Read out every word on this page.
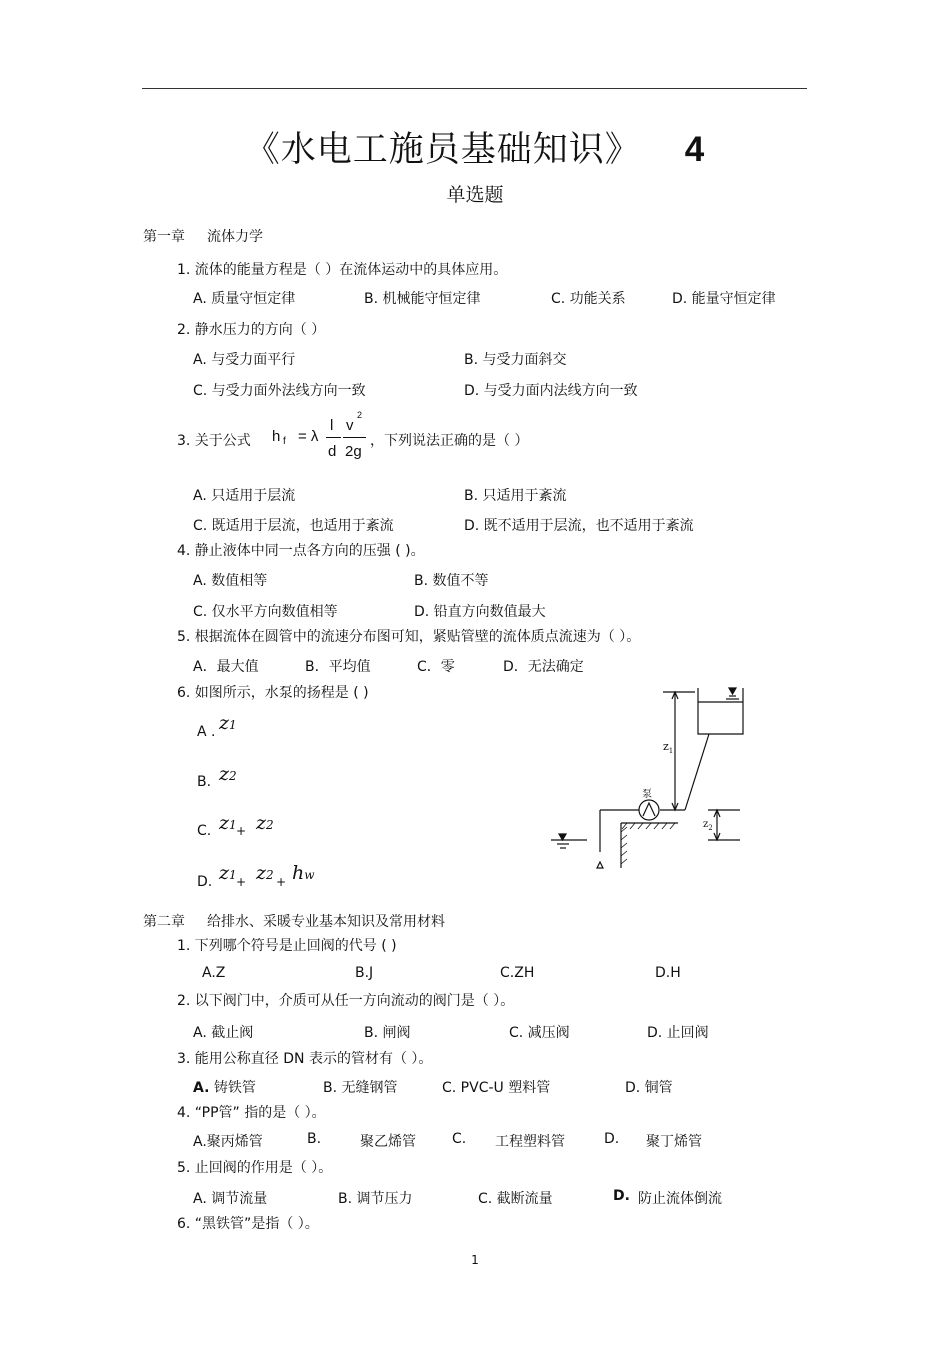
《水电工施员基础知识》 4
单选题
第一章 流体力学
1. 流体的能量方程是（ ）在流体运动中的具体应用。
A. 质量守恒定律	B. 机械能守恒定律	C. 功能关系	D. 能量守恒定律
2. 静水压力的方向（ ）
A. 与受力面平行	B. 与受力面斜交
C. 与受力面外法线方向一致	D. 与受力面内法线方向一致
3. 关于公式 h f = λ
l
d
v
2
2g
，下列说法正确的是（ ）
A. 只适用于层流	B. 只适用于紊流
C. 既适用于层流，也适用于紊流	D. 既不适用于层流，也不适用于紊流
4. 静止液体中同一点各方向的压强 ( )。
A. 数值相等	B. 数值不等
C. 仅水平方向数值相等	D. 铅直方向数值最大
5. 根据流体在圆管中的流速分布图可知，紧贴管壁的流体质点流速为（ ）。
A．最大值	B．平均值	C．零	D．无法确定
6. 如图所示，水泵的扬程是 ( )
A . z1
B. z2
C. z1 + z2
D. z1 + z2 + hw
$z_1$
泵
$z_2$
第二章 给排水、采暖专业基本知识及常用材料
1. 下列哪个符号是止回阀的代号 ( )
A.Z	B.J	C.ZH	D.H
2. 以下阀门中，介质可从任一方向流动的阀门是（ ）。
A. 截止阀	B. 闸阀	C. 减压阀	D. 止回阀
3. 能用公称直径 DN 表示的管材有（ ）。
A. 铸铁管	B. 无缝钢管	C. PVC-U 塑料管	D. 铜管
4. “PP管” 指的是（ ）。
A.聚丙烯管	B.	聚乙烯管	C. 工程塑料管	D. 聚丁烯管
5. 止回阀的作用是（ ）。
A. 调节流量	B. 调节压力	C. 截断流量	D. 防止流体倒流
6. “黑铁管”是指（ ）。
1
